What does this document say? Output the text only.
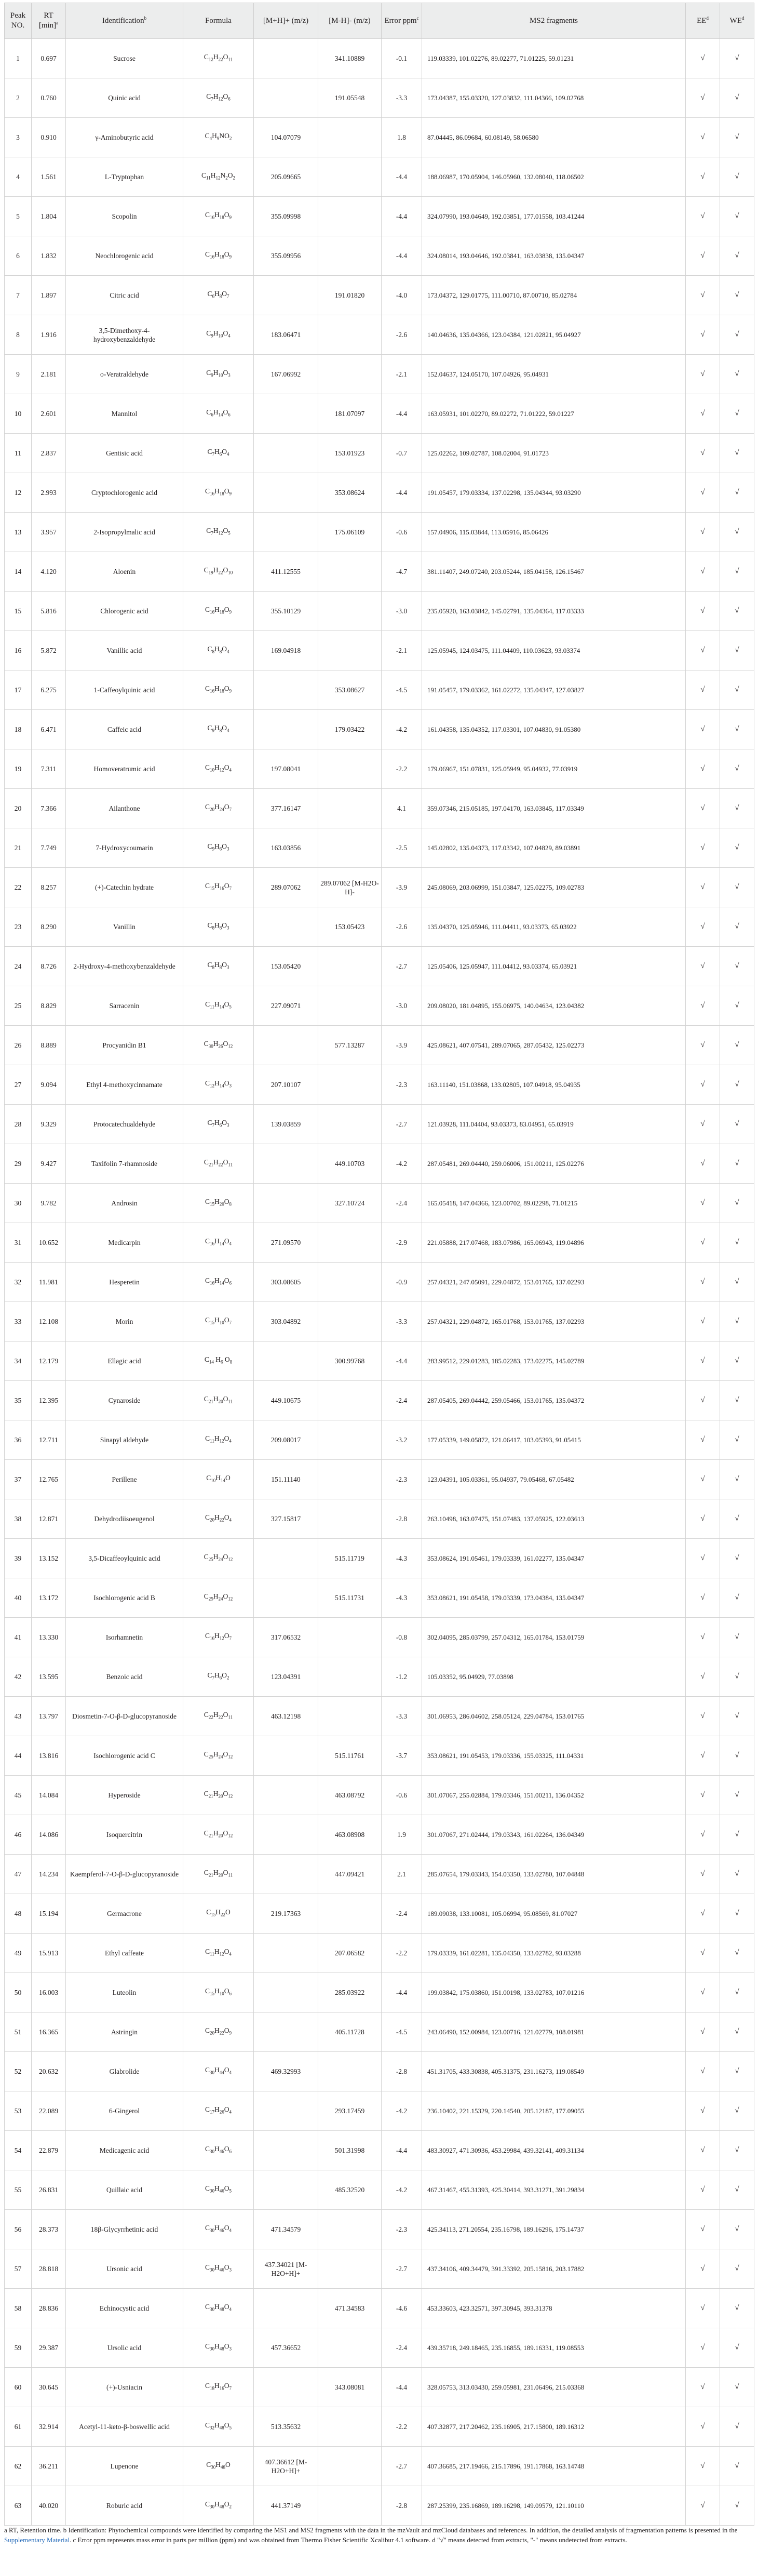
Peak NO.	RT $[\min]^a$	Identification$^b$	Formula	[M+H]+ (m/z)	[M-H]- (m/z)	Error ppm$^c$	MS2 fragments	$EE^d$	$WE^d$
1	0.697	Sucrose	$C_{12}H_{22}O_{11}$		341.10889	-0.1	119.03339, 101.02276, 89.02277, 71.01225, 59.01231	√	√
2	0.760	Quinic acid	$C_7H_{12}O_6$		191.05548	-3.3	173.04387, 155.03320, 127.03832, 111.04366, 109.02768	√	√
3	0.910	γ-Aminobutyric acid	$C_4H_9NO_2$	104.07079		1.8	87.04445, 86.09684, 60.08149, 58.06580	√	√
4	1.561	L-Tryptophan	$C_{11}H_{12}N_2O_2$	205.09665		-4.4	188.06987, 170.05904, 146.05960, 132.08040, 118.06502	√	√
5	1.804	Scopolin	$C_{16}H_{18}O_9$	355.09998		-4.4	324.07990, 193.04649, 192.03851, 177.01558, 103.41244	√	√
6	1.832	Neochlorogenic acid	$C_{16}H_{18}O_9$	355.09956		-4.4	324.08014, 193.04646, 192.03841, 163.03838, 135.04347	√	√
7	1.897	Citric acid	$C_6H_8O_7$		191.01820	-4.0	173.04372, 129.01775, 111.00710, 87.00710, 85.02784	√	√
8	1.916	3,5-Dimethoxy-4-hydroxybenzaldehyde	$C_9H_{10}O_4$	183.06471		-2.6	140.04636, 135.04366, 123.04384, 121.02821, 95.04927	√	√
9	2.181	o-Veratraldehyde	$C_9H_{10}O_3$	167.06992		-2.1	152.04637, 124.05170, 107.04926, 95.04931	√	√
10	2.601	Mannitol	$C_6H_{14}O_6$		181.07097	-4.4	163.05931, 101.02270, 89.02272, 71.01222, 59.01227	√	√
11	2.837	Gentisic acid	$C_7H_6O_4$		153.01923	-0.7	125.02262, 109.02787, 108.02004, 91.01723	√	√
12	2.993	Cryptochlorogenic acid	$C_{16}H_{18}O_9$		353.08624	-4.4	191.05457, 179.03334, 137.02298, 135.04344, 93.03290	√	√
13	3.957	2-Isopropylmalic acid	$C_7H_{12}O_5$		175.06109	-0.6	157.04906, 115.03844, 113.05916, 85.06426	√	√
14	4.120	Aloenin	$C_{19}H_{22}O_{10}$	411.12555		-4.7	381.11407, 249.07240, 203.05244, 185.04158, 126.15467	√	√
15	5.816	Chlorogenic acid	$C_{16}H_{18}O_9$	355.10129		-3.0	235.05920, 163.03842, 145.02791, 135.04364, 117.03333	√	√
16	5.872	Vanillic acid	$C_8H_8O_4$	169.04918		-2.1	125.05945, 124.03475, 111.04409, 110.03623, 93.03374	√	√
17	6.275	1-Caffeoylquinic acid	$C_{16}H_{18}O_9$		353.08627	-4.5	191.05457, 179.03362, 161.02272, 135.04347, 127.03827	√	√
18	6.471	Caffeic acid	$C_9H_8O_4$		179.03422	-4.2	161.04358, 135.04352, 117.03301, 107.04830, 91.05380	√	√
19	7.311	Homoveratrumic acid	$C_{10}H_{12}O_4$	197.08041		-2.2	179.06967, 151.07831, 125.05949, 95.04932, 77.03919	√	√
20	7.366	Ailanthone	$C_{20}H_{24}O_7$	377.16147		4.1	359.07346, 215.05185, 197.04170, 163.03845, 117.03349	√	√
21	7.749	7-Hydroxycoumarin	$C_9H_6O_3$	163.03856		-2.5	145.02802, 135.04373, 117.03342, 107.04829, 89.03891	√	√
22	8.257	(+)-Catechin hydrate	$C_{15}H_{16}O_7$	289.07062	289.07062 [M-H2O-H]-	-3.9	245.08069, 203.06999, 151.03847, 125.02275, 109.02783	√	√
23	8.290	Vanillin	$C_8H_8O_3$		153.05423	-2.6	135.04370, 125.05946, 111.04411, 93.03373, 65.03922	√	√
24	8.726	2-Hydroxy-4-methoxybenzaldehyde	$C_8H_8O_3$	153.05420		-2.7	125.05406, 125.05947, 111.04412, 93.03374, 65.03921	√	√
25	8.829	Sarracenin	$C_{11}H_{14}O_5$	227.09071		-3.0	209.08020, 181.04895, 155.06975, 140.04634, 123.04382	√	√
26	8.889	Procyanidin B1	$C_{30}H_{26}O_{12}$		577.13287	-3.9	425.08621, 407.07541, 289.07065, 287.05432, 125.02273	√	√
27	9.094	Ethyl 4-methoxycinnamate	$C_{12}H_{14}O_3$	207.10107		-2.3	163.11140, 151.03868, 133.02805, 107.04918, 95.04935	√	√
28	9.329	Protocatechualdehyde	$C_7H_6O_3$	139.03859		-2.7	121.03928, 111.04404, 93.03373, 83.04951, 65.03919	√	√
29	9.427	Taxifolin 7-rhamnoside	$C_{21}H_{22}O_{11}$		449.10703	-4.2	287.05481, 269.04440, 259.06006, 151.00211, 125.02276	√	√
30	9.782	Androsin	$C_{15}H_{20}O_8$		327.10724	-2.4	165.05418, 147.04366, 123.00702, 89.02298, 71.01215	√	√
31	10.652	Medicarpin	$C_{16}H_{14}O_4$	271.09570		-2.9	221.05888, 217.07468, 183.07986, 165.06943, 119.04896	√	√
32	11.981	Hesperetin	$C_{16}H_{14}O_6$	303.08605		-0.9	257.04321, 247.05091, 229.04872, 153.01765, 137.02293	√	√
33	12.108	Morin	$C_{15}H_{10}O_7$	303.04892		-3.3	257.04321, 229.04872, 165.01768, 153.01765, 137.02293	√	√
34	12.179	Ellagic acid	$C_{14}$ $H_6$ $O_8$		300.99768	-4.4	283.99512, 229.01283, 185.02283, 173.02275, 145.02789	√	√
35	12.395	Cynaroside	$C_{21}H_{20}O_{11}$	449.10675		-2.4	287.05405, 269.04442, 259.05466, 153.01765, 135.04372	√	√
36	12.711	Sinapyl aldehyde	$C_{11}H_{12}O_4$	209.08017		-3.2	177.05339, 149.05872, 121.06417, 103.05393, 91.05415	√	√
37	12.765	Perillene	$C_{10}H_{14}O$	151.11140		-2.3	123.04391, 105.03361, 95.04937, 79.05468, 67.05482	√	√
38	12.871	Dehydrodiisoeugenol	$C_{20}H_{22}O_4$	327.15817		-2.8	263.10498, 163.07475, 151.07483, 137.05925, 122.03613	√	√
39	13.152	3,5-Dicaffeoylquinic acid	$C_{25}H_{24}O_{12}$		515.11719	-4.3	353.08624, 191.05461, 179.03339, 161.02277, 135.04347	√	√
40	13.172	Isochlorogenic acid B	$C_{25}H_{24}O_{12}$		515.11731	-4.3	353.08621, 191.05458, 179.03339, 173.04384, 135.04347	√	√
41	13.330	Isorhamnetin	$C_{16}H_{12}O_7$	317.06532		-0.8	302.04095, 285.03799, 257.04312, 165.01784, 153.01759	√	√
42	13.595	Benzoic acid	$C_7H_6O_2$	123.04391		-1.2	105.03352, 95.04929, 77.03898	√	√
43	13.797	Diosmetin-7-O-β-D-glucopyranoside	$C_{22}H_{22}O_{11}$	463.12198		-3.3	301.06953, 286.04602, 258.05124, 229.04784, 153.01765	√	√
44	13.816	Isochlorogenic acid C	$C_{25}H_{24}O_{12}$		515.11761	-3.7	353.08621, 191.05453, 179.03336, 155.03325, 111.04331	√	√
45	14.084	Hyperoside	$C_{21}H_{20}O_{12}$		463.08792	-0.6	301.07067, 255.02884, 179.03346, 151.00211, 136.04352	√	√
46	14.086	Isoquercitrin	$C_{21}H_{20}O_{12}$		463.08908	1.9	301.07067, 271.02444, 179.03343, 161.02264, 136.04349	√	√
47	14.234	Kaempferol-7-O-β-D-glucopyranoside	$C_{21}H_{20}O_{11}$		447.09421	2.1	285.07654, 179.03343, 154.03350, 133.02780, 107.04848	√	√
48	15.194	Germacrone	$C_{15}H_{22}O$	219.17363		-2.4	189.09038, 133.10081, 105.06994, 95.08569, 81.07027	√	√
49	15.913	Ethyl caffeate	$C_{11}H_{12}O_4$		207.06582	-2.2	179.03339, 161.02281, 135.04350, 133.02782, 93.03288	√	√
50	16.003	Luteolin	$C_{15}H_{10}O_6$		285.03922	-4.4	199.03842, 175.03860, 151.00198, 133.02783, 107.01216	√	√
51	16.365	Astringin	$C_{20}H_{22}O_9$		405.11728	-4.5	243.06490, 152.00984, 123.00716, 121.02779, 108.01981	√	√
52	20.632	Glabrolide	$C_{30}H_{44}O_4$	469.32993		-2.8	451.31705, 433.30838, 405.31375, 231.16273, 119.08549	√	√
53	22.089	6-Gingerol	$C_{17}H_{26}O_4$		293.17459	-4.2	236.10402, 221.15329, 220.14540, 205.12187, 177.09055	√	√
54	22.879	Medicagenic acid	$C_{30}H_{46}O_6$		501.31998	-4.4	483.30927, 471.30936, 453.29984, 439.32141, 409.31134	√	√
55	26.831	Quillaic acid	$C_{30}H_{46}O_5$		485.32520	-4.2	467.31467, 455.31393, 425.30414, 393.31271, 391.29834	√	√
56	28.373	18β-Glycyrrhetinic acid	$C_{30}H_{46}O_4$	471.34579		-2.3	425.34113, 271.20554, 235.16798, 189.16296, 175.14737	√	√
57	28.818	Ursonic acid	$C_{30}H_{46}O_3$	437.34021 [M-H2O+H]+		-2.7	437.34106, 409.34479, 391.33392, 205.15816, 203.17882	√	√
58	28.836	Echinocystic acid	$C_{30}H_{48}O_4$		471.34583	-4.6	453.33603, 423.32571, 397.30945, 393.31378	√	√
59	29.387	Ursolic acid	$C_{30}H_{48}O_3$	457.36652		-2.4	439.35718, 249.18465, 235.16855, 189.16331, 119.08553	√	√
60	30.645	(+)-Usniacin	$C_{18}H_{16}O_7$		343.08081	-4.4	328.05753, 313.03430, 259.05981, 231.06496, 215.03368	√	√
61	32.914	Acetyl-11-keto-β-boswellic acid	$C_{32}H_{48}O_5$	513.35632		-2.2	407.32877, 217.20462, 235.16905, 217.15800, 189.16312	√	√
62	36.211	Lupenone	$C_{30}H_{48}O$	407.36612 [M-H2O+H]+		-2.7	407.36685, 217.19466, 215.17896, 191.17868, 163.14748	√	√
63	40.020	Roburic acid	$C_{30}H_{48}O_2$	441.37149		-2.8	287.25399, 235.16869, 189.16298, 149.09579, 121.10110	√	√
a RT, Retention time. b Identification: Phytochemical compounds were identified by comparing the MS1 and MS2 fragments with the data in the mzVault and mzCloud databases and references. In addition, the detailed analysis of fragmentation patterns is presented in the Supplementary Material. c Error ppm represents mass error in parts per million (ppm) and was obtained from Thermo Fisher Scientific Xcalibur 4.1 software. d "√" means detected from extracts, "-" means undetected from extracts.
